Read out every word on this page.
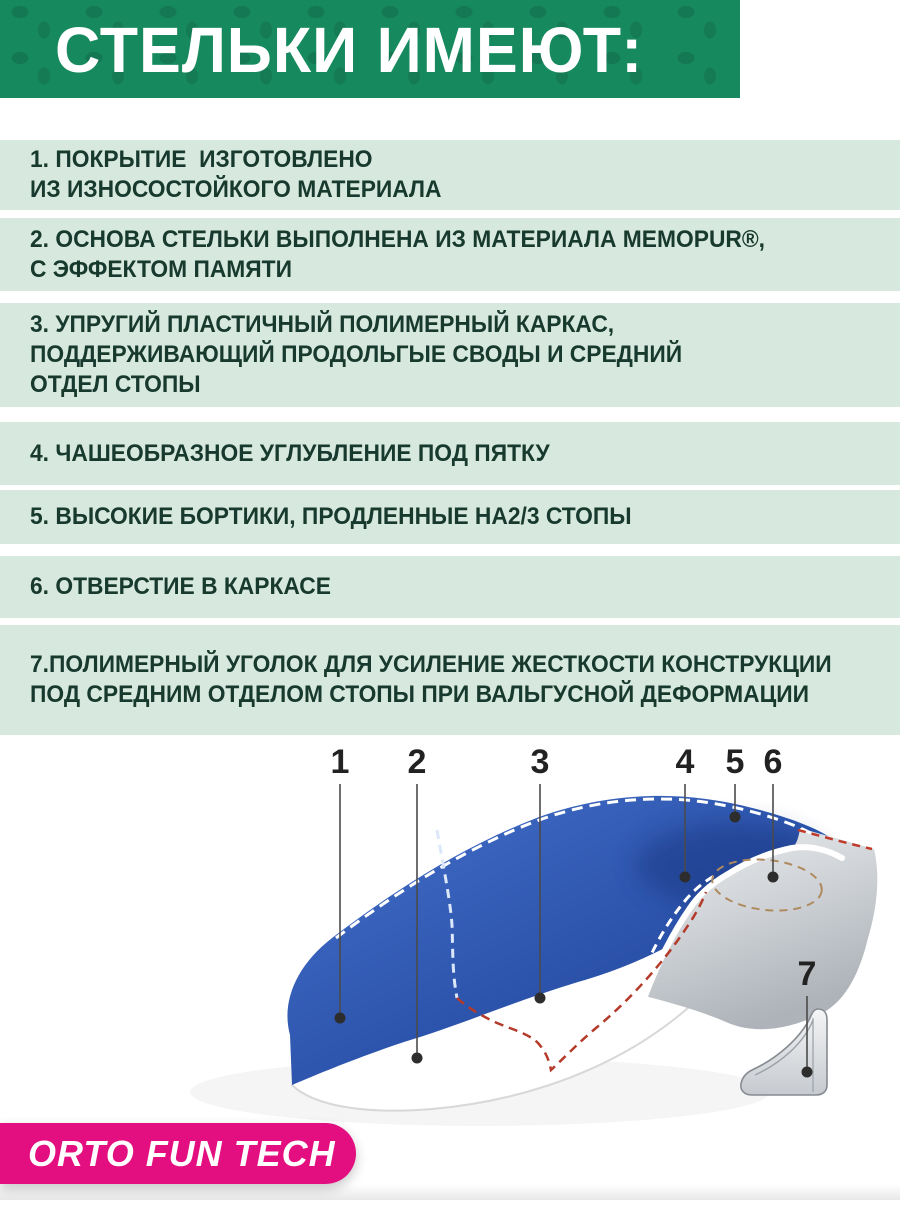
СТЕЛЬКИ ИМЕЮТ:
1. ПОКРЫТИЕ  ИЗГОТОВЛЕНО
ИЗ ИЗНОСОСТОЙКОГО МАТЕРИАЛА
2. ОСНОВА СТЕЛЬКИ ВЫПОЛНЕНА ИЗ МАТЕРИАЛА MEMOPUR®,
С ЭФФЕКТОМ ПАМЯТИ
3. УПРУГИЙ ПЛАСТИЧНЫЙ ПОЛИМЕРНЫЙ КАРКАС,
ПОДДЕРЖИВАЮЩИЙ ПРОДОЛЬГЫЕ СВОДЫ И СРЕДНИЙ
ОТДЕЛ СТОПЫ
4. ЧАШЕОБРАЗНОЕ УГЛУБЛЕНИЕ ПОД ПЯТКУ
5. ВЫСОКИЕ БОРТИКИ, ПРОДЛЕННЫЕ НА2/3 СТОПЫ
6. ОТВЕРСТИЕ В КАРКАСЕ
7.ПОЛИМЕРНЫЙ УГОЛОК ДЛЯ УСИЛЕНИЕ ЖЕСТКОСТИ КОНСТРУКЦИИ
ПОД СРЕДНИМ ОТДЕЛОМ СТОПЫ ПРИ ВАЛЬГУСНОЙ ДЕФОРМАЦИИ
1 2	3	4 5 6
7
ORTO FUN TECH
